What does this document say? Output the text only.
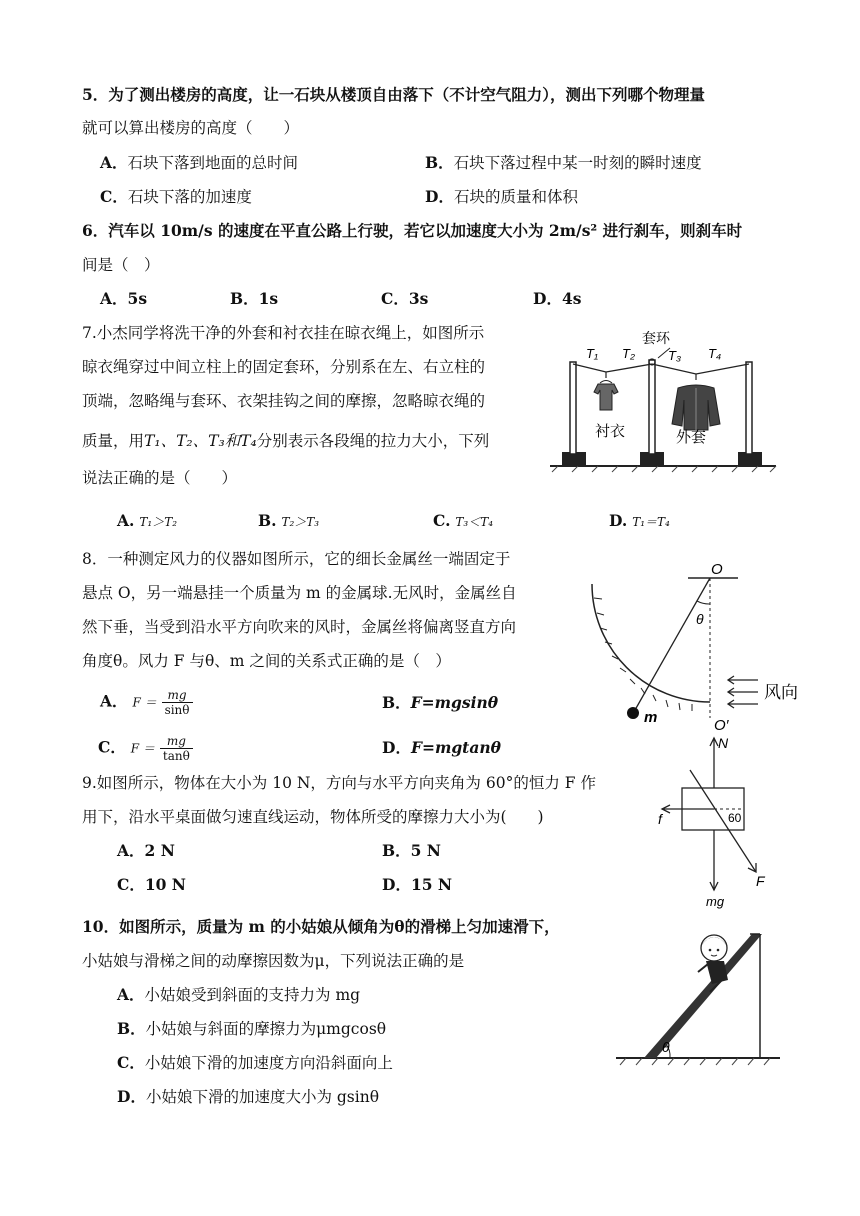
5．为了测出楼房的高度，让一石块从楼顶自由落下（不计空气阻力），测出下列哪个物理量
就可以算出楼房的高度（　　）
A．石块下落到地面的总时间	B．石块下落过程中某一时刻的瞬时速度
C．石块下落的加速度	D．石块的质量和体积
6．汽车以 10m/s 的速度在平直公路上行驶，若它以加速度大小为 2m/s² 进行刹车，则刹车时
间是（　）
A．5s	B．1s	C．3s	D．4s
7.小杰同学将洗干净的外套和衬衣挂在晾衣绳上，如图所示
晾衣绳穿过中间立柱上的固定套环，分别系在左、右立柱的
顶端，忽略绳与套环、衣架挂钩之间的摩擦，忽略晾衣绳的
质量，用T₁、T₂、T₃和T₄分别表示各段绳的拉力大小，下列
说法正确的是（　　）
A. T₁＞T₂	B. T₂＞T₃	C. T₃＜T₄	D. T₁＝T₄
套环
T₁ T₂	T₃ T₄
衬衣	外套
8．一种测定风力的仪器如图所示，它的细长金属丝一端固定于
悬点 O，另一端悬挂一个质量为 m 的金属球.无风时，金属丝自
然下垂，当受到沿水平方向吹来的风时，金属丝将偏离竖直方向
角度θ。风力 F 与θ、m 之间的关系式正确的是（　）
A． $F = \frac{mg}{\sin\theta}$	B．F=mgsinθ
C． $F = \frac{mg}{\tan\theta}$	D．F=mgtanθ
O
θ
m	O′
风向
9.如图所示，物体在大小为 10 N，方向与水平方向夹角为 60°的恒力 F 作
用下，沿水平桌面做匀速直线运动，物体所受的摩擦力大小为(　　)
A．2 N	B．5 N
C．10 N	D．15 N
N
f
F
60
mg
10．如图所示，质量为 m 的小姑娘从倾角为θ的滑梯上匀加速滑下，
小姑娘与滑梯之间的动摩擦因数为μ，下列说法正确的是
A．小姑娘受到斜面的支持力为 mg
B．小姑娘与斜面的摩擦力为μmgcosθ
C．小姑娘下滑的加速度方向沿斜面向上
D．小姑娘下滑的加速度大小为 gsinθ
θ
